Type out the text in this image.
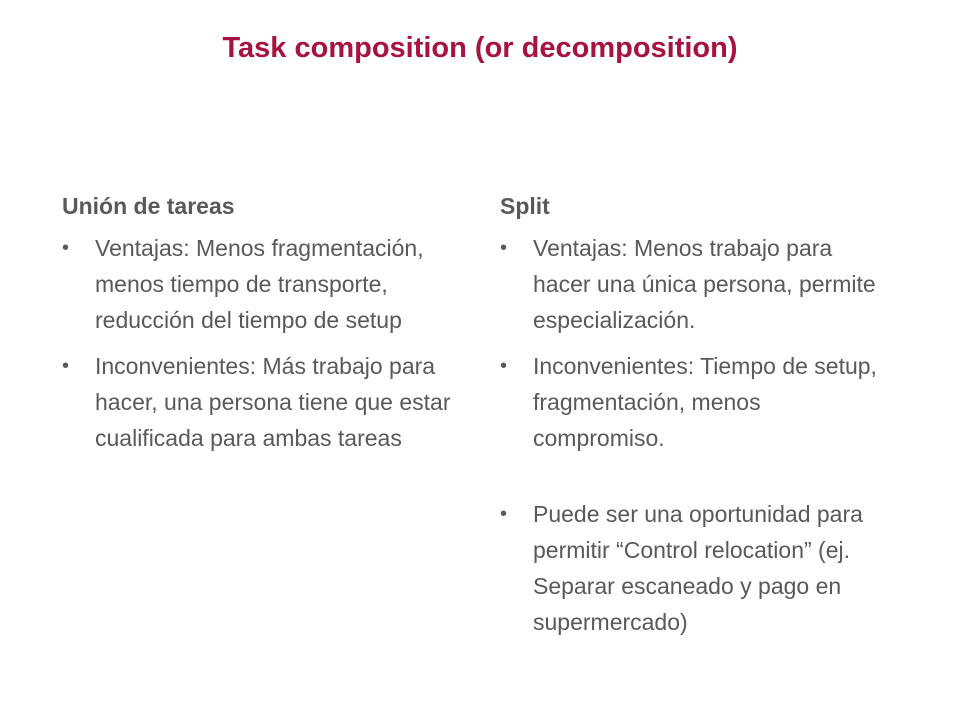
Task composition (or decomposition)
Unión de tareas
•	Ventajas: Menos fragmentación, menos tiempo de transporte, reducción del tiempo de setup
•	Inconvenientes: Más trabajo para hacer, una persona tiene que estar cualificada para ambas tareas
Split
•	Ventajas: Menos trabajo para hacer una única persona, permite especialización.
•	Inconvenientes: Tiempo de setup, fragmentación, menos compromiso.
•	Puede ser una oportunidad para permitir “Control relocation” (ej. Separar escaneado y pago en supermercado)
